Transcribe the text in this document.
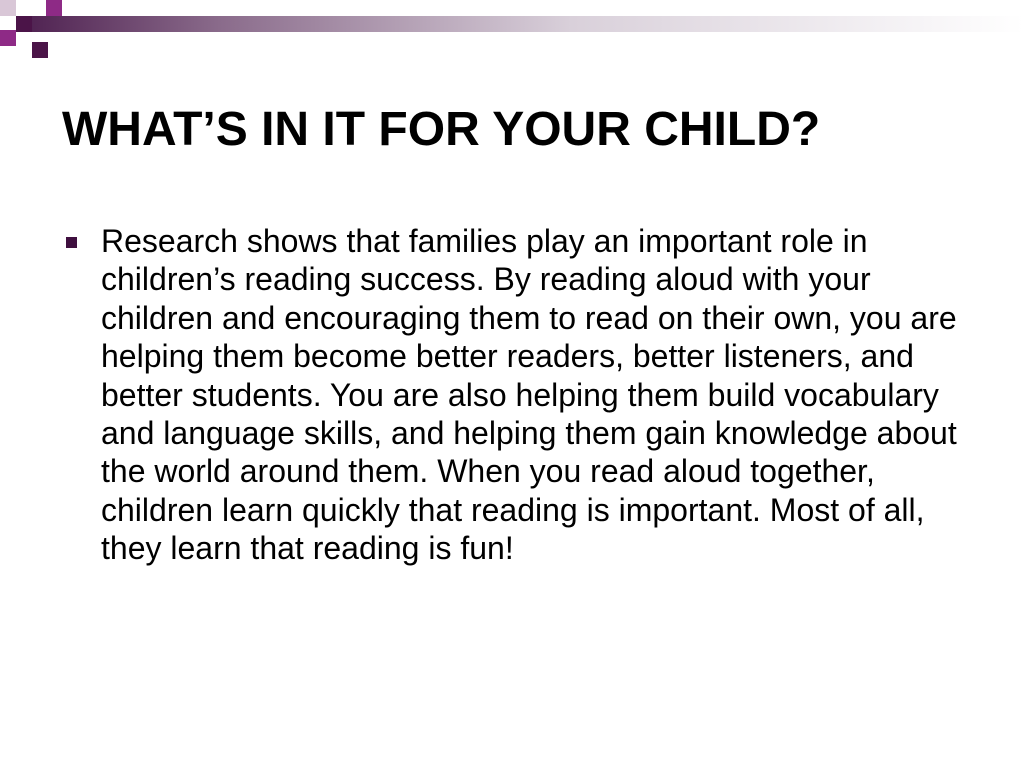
WHAT’S IN IT FOR YOUR CHILD?

Research shows that families play an important role in children’s reading success. By reading aloud with your children and encouraging them to read on their own, you are helping them become better readers, better listeners, and better students. You are also helping them build vocabulary and language skills, and helping them gain knowledge about the world around them. When you read aloud together, children learn quickly that reading is important. Most of all, they learn that reading is fun!
